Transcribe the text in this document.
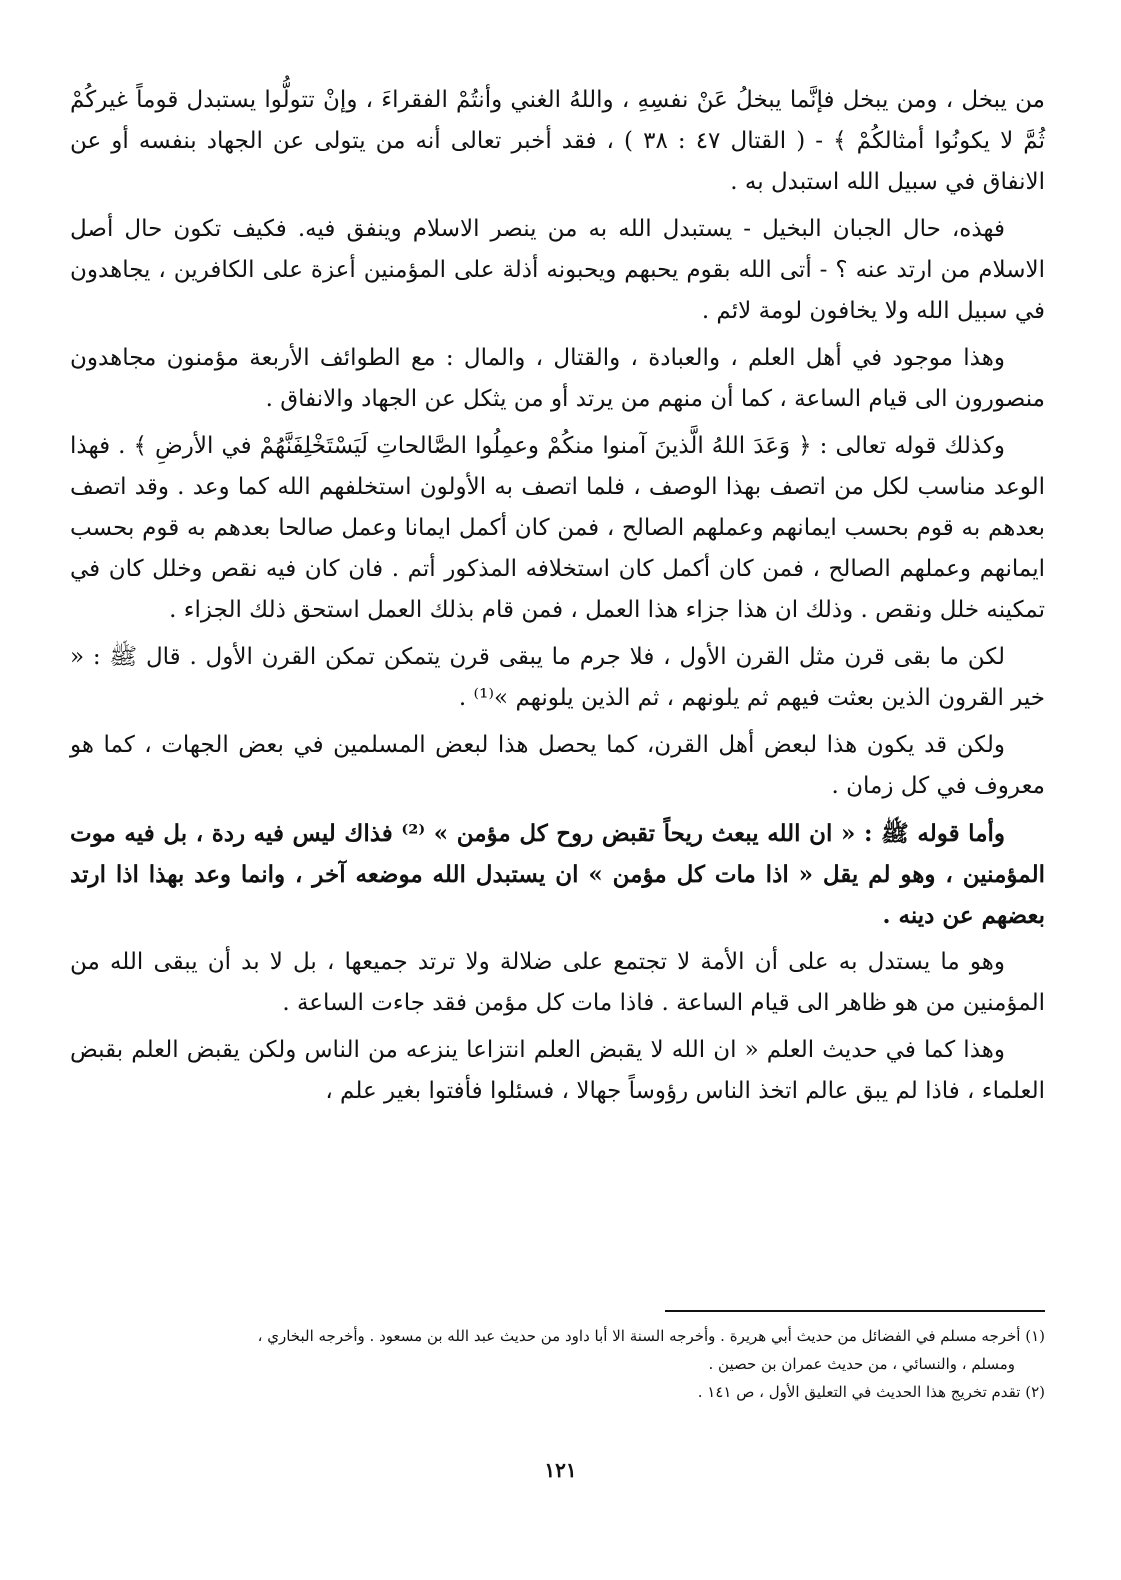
من يبخل ، ومن يبخل فإنَّما يبخلُ عَنْ نفسِهِ ، واللهُ الغني وأنتُمْ الفقراءَ ، وإنْ تتولُّوا يستبدل قوماً غيركُمْ ثُمَّ لا يكونُوا أمثالكُمْ ﴾ - ( القتال ٤٧ : ٣٨ ) ، فقد أخبر تعالى أنه من يتولى عن الجهاد بنفسه أو عن الانفاق في سبيل الله استبدل به .

فهذه، حال الجبان البخيل - يستبدل الله به من ينصر الاسلام وينفق فيه. فكيف تكون حال أصل الاسلام من ارتد عنه ؟ - أتى الله بقوم يحبهم ويحبونه أذلة على المؤمنين أعزة على الكافرين ، يجاهدون في سبيل الله ولا يخافون لومة لائم .

وهذا موجود في أهل العلم ، والعبادة ، والقتال ، والمال : مع الطوائف الأربعة مؤمنون مجاهدون منصورون الى قيام الساعة ، كما أن منهم من يرتد أو من يثكل عن الجهاد والانفاق .

وكذلك قوله تعالى : ﴿ وَعَدَ اللهُ الَّذينَ آمنوا منكُمْ وعمِلُوا الصَّالحاتِ لَيَسْتَخْلِفَنَّهُمْ في الأرضِ ﴾ . فهذا الوعد مناسب لكل من اتصف بهذا الوصف ، فلما اتصف به الأولون استخلفهم الله كما وعد . وقد اتصف بعدهم به قوم بحسب ايمانهم وعملهم الصالح ، فمن كان أكمل ايمانا وعمل صالحا بعدهم به قوم بحسب ايمانهم وعملهم الصالح ، فمن كان أكمل كان استخلافه المذكور أتم . فان كان فيه نقص وخلل كان في تمكينه خلل ونقص . وذلك ان هذا جزاء هذا العمل ، فمن قام بذلك العمل استحق ذلك الجزاء .

لكن ما بقى قرن مثل القرن الأول ، فلا جرم ما يبقى قرن يتمكن تمكن القرن الأول . قال ﷺ : « خير القرون الذين بعثت فيهم ثم يلونهم ، ثم الذين يلونهم »⁽¹⁾ .

ولكن قد يكون هذا لبعض أهل القرن، كما يحصل هذا لبعض المسلمين في بعض الجهات ، كما هو معروف في كل زمان .

وأما قوله ﷺ : « ان الله يبعث ريحاً تقبض روح كل مؤمن » ⁽²⁾ فذاك ليس فيه ردة ، بل فيه موت المؤمنين ، وهو لم يقل « اذا مات كل مؤمن » ان يستبدل الله موضعه آخر ، وانما وعد بهذا اذا ارتد بعضهم عن دينه .

وهو ما يستدل به على أن الأمة لا تجتمع على ضلالة ولا ترتد جميعها ، بل لا بد أن يبقى الله من المؤمنين من هو ظاهر الى قيام الساعة . فاذا مات كل مؤمن فقد جاءت الساعة .

وهذا كما في حديث العلم « ان الله لا يقبض العلم انتزاعا ينزعه من الناس ولكن يقبض العلم بقبض العلماء ، فاذا لم يبق عالم اتخذ الناس رؤوساً جهالا ، فسئلوا فأفتوا بغير علم ،

(١) أخرجه مسلم في الفضائل من حديث أبي هريرة . وأخرجه السنة الا أبا داود من حديث عبد الله بن مسعود . وأخرجه البخاري ،

ومسلم ، والنسائي ، من حديث عمران بن حصين .

(٢) تقدم تخريج هذا الحديث في التعليق الأول ، ص ١٤١ .

١٢١
